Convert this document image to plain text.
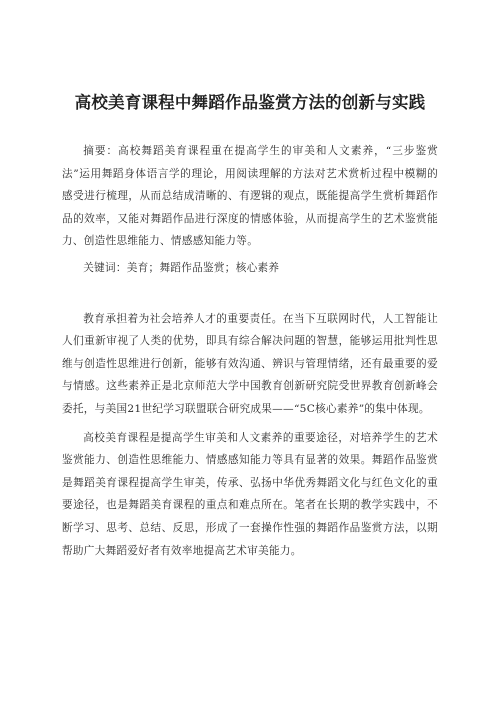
高校美育课程中舞蹈作品鉴赏方法的创新与实践

摘要：高校舞蹈美育课程重在提高学生的审美和人文素养，“三步鉴赏法”运用舞蹈身体语言学的理论，用阅读理解的方法对艺术赏析过程中模糊的感受进行梳理，从而总结成清晰的、有逻辑的观点，既能提高学生赏析舞蹈作品的效率，又能对舞蹈作品进行深度的情感体验，从而提高学生的艺术鉴赏能力、创造性思维能力、情感感知能力等。

关键词：美育；舞蹈作品鉴赏；核心素养

教育承担着为社会培养人才的重要责任。在当下互联网时代，人工智能让人们重新审视了人类的优势，即具有综合解决问题的智慧，能够运用批判性思维与创造性思维进行创新，能够有效沟通、辨识与管理情绪，还有最重要的爱与情感。这些素养正是北京师范大学中国教育创新研究院受世界教育创新峰会委托，与美国21世纪学习联盟联合研究成果——“5C核心素养”的集中体现。

高校美育课程是提高学生审美和人文素养的重要途径，对培养学生的艺术鉴赏能力、创造性思维能力、情感感知能力等具有显著的效果。舞蹈作品鉴赏是舞蹈美育课程提高学生审美，传承、弘扬中华优秀舞蹈文化与红色文化的重要途径，也是舞蹈美育课程的重点和难点所在。笔者在长期的教学实践中，不断学习、思考、总结、反思，形成了一套操作性强的舞蹈作品鉴赏方法，以期帮助广大舞蹈爱好者有效率地提高艺术审美能力。
